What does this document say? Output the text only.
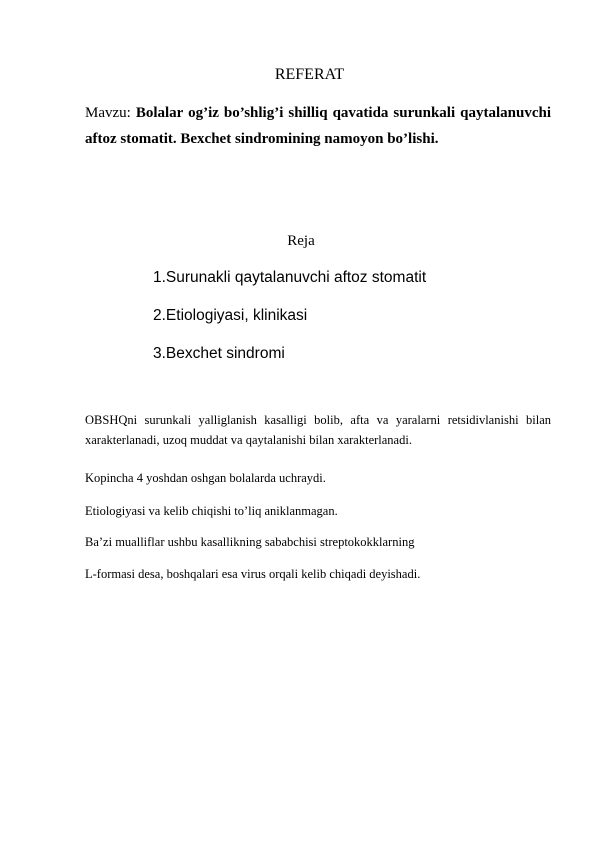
REFERAT
Mavzu: Bolalar og’iz bo’shlig’i shilliq qavatida surunkali qaytalanuvchi aftoz stomatit. Bexchet sindromining namoyon bo’lishi.
Reja
1.Surunakli qaytalanuvchi aftoz stomatit
2.Etiologiyasi, klinikasi
3.Bexchet sindromi
OBSHQni surunkali yalliglanish kasalligi bolib, afta va yaralarni retsidivlanishi bilan xarakterlanadi, uzoq muddat va qaytalanishi bilan xarakterlanadi.
Kopincha 4 yoshdan oshgan bolalarda uchraydi.
Etiologiyasi va kelib chiqishi to’liq aniklanmagan.
Ba’zi mualliflar ushbu kasallikning sababchisi streptokokklarning
L-formasi desa, boshqalari esa virus orqali kelib chiqadi deyishadi.
